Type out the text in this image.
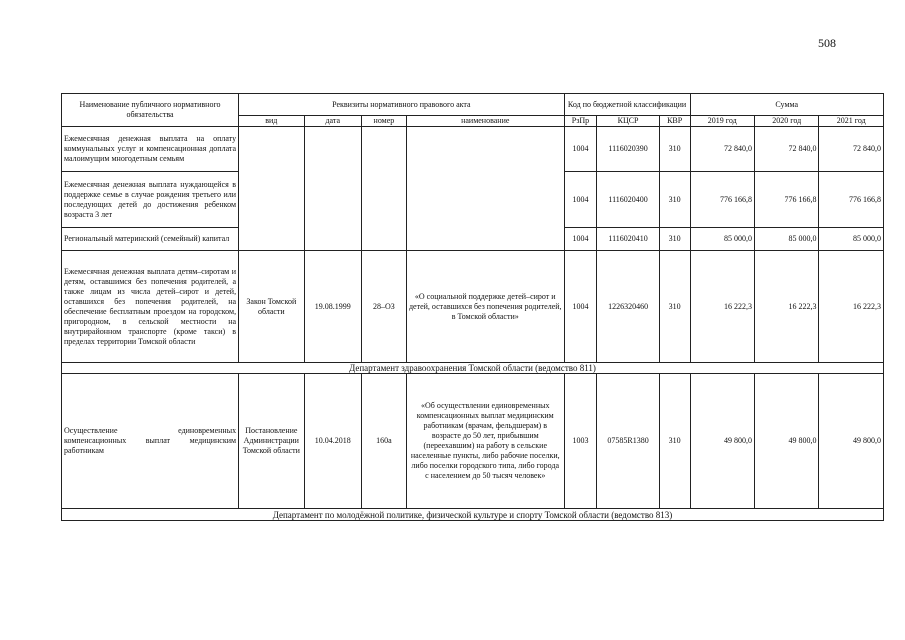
508
Наименование публичного нормативного обязательства	Реквизиты нормативного правового акта				Код по бюджетной классификации			Сумма		
	вид	дата	номер	наименование	РзПр	КЦСР	КВР	2019 год	2020 год	2021 год
Ежемесячная денежная выплата на оплату коммунальных услуг и компенсационная доплата малоимущим многодетным семьям					1004	1116020390	310	72 840,0	72 840,0	72 840,0
Ежемесячная денежная выплата нуждающейся в поддержке семье в случае рождения третьего или последующих детей до достижения ребенком возраста 3 лет					1004	1116020400	310	776 166,8	776 166,8	776 166,8
Региональный материнский (семейный) капитал					1004	1116020410	310	85 000,0	85 000,0	85 000,0
Ежемесячная денежная выплата детям–сиротам и детям, оставшимся без попечения родителей, а также лицам из числа детей–сирот и детей, оставшихся без попечения родителей, на обеспечение бесплатным проездом на городском, пригородном, в сельской местности на внутрирайонном транспорте (кроме такси) в пределах территории Томской области	Закон Томской области	19.08.1999	28–ОЗ	«О социальной поддержке детей–сирот и детей, оставшихся без попечения родителей, в Томской области»	1004	1226320460	310	16 222,3	16 222,3	16 222,3
Департамент здравоохранения Томской области (ведомство 811)										
Осуществление единовременных компенсационных выплат медицинским работникам	Постановление Администрации Томской области	10.04.2018	160а	«Об осуществлении единовременных компенсационных выплат медицинским работникам (врачам, фельдшерам) в возрасте до 50 лет, прибывшим (переехавшим) на работу в сельские населенные пункты, либо рабочие поселки, либо поселки городского типа, либо города с населением до 50 тысяч человек»	1003	07585R1380	310	49 800,0	49 800,0	49 800,0
Департамент по молодёжной политике, физической культуре и спорту Томской области (ведомство 813)										
